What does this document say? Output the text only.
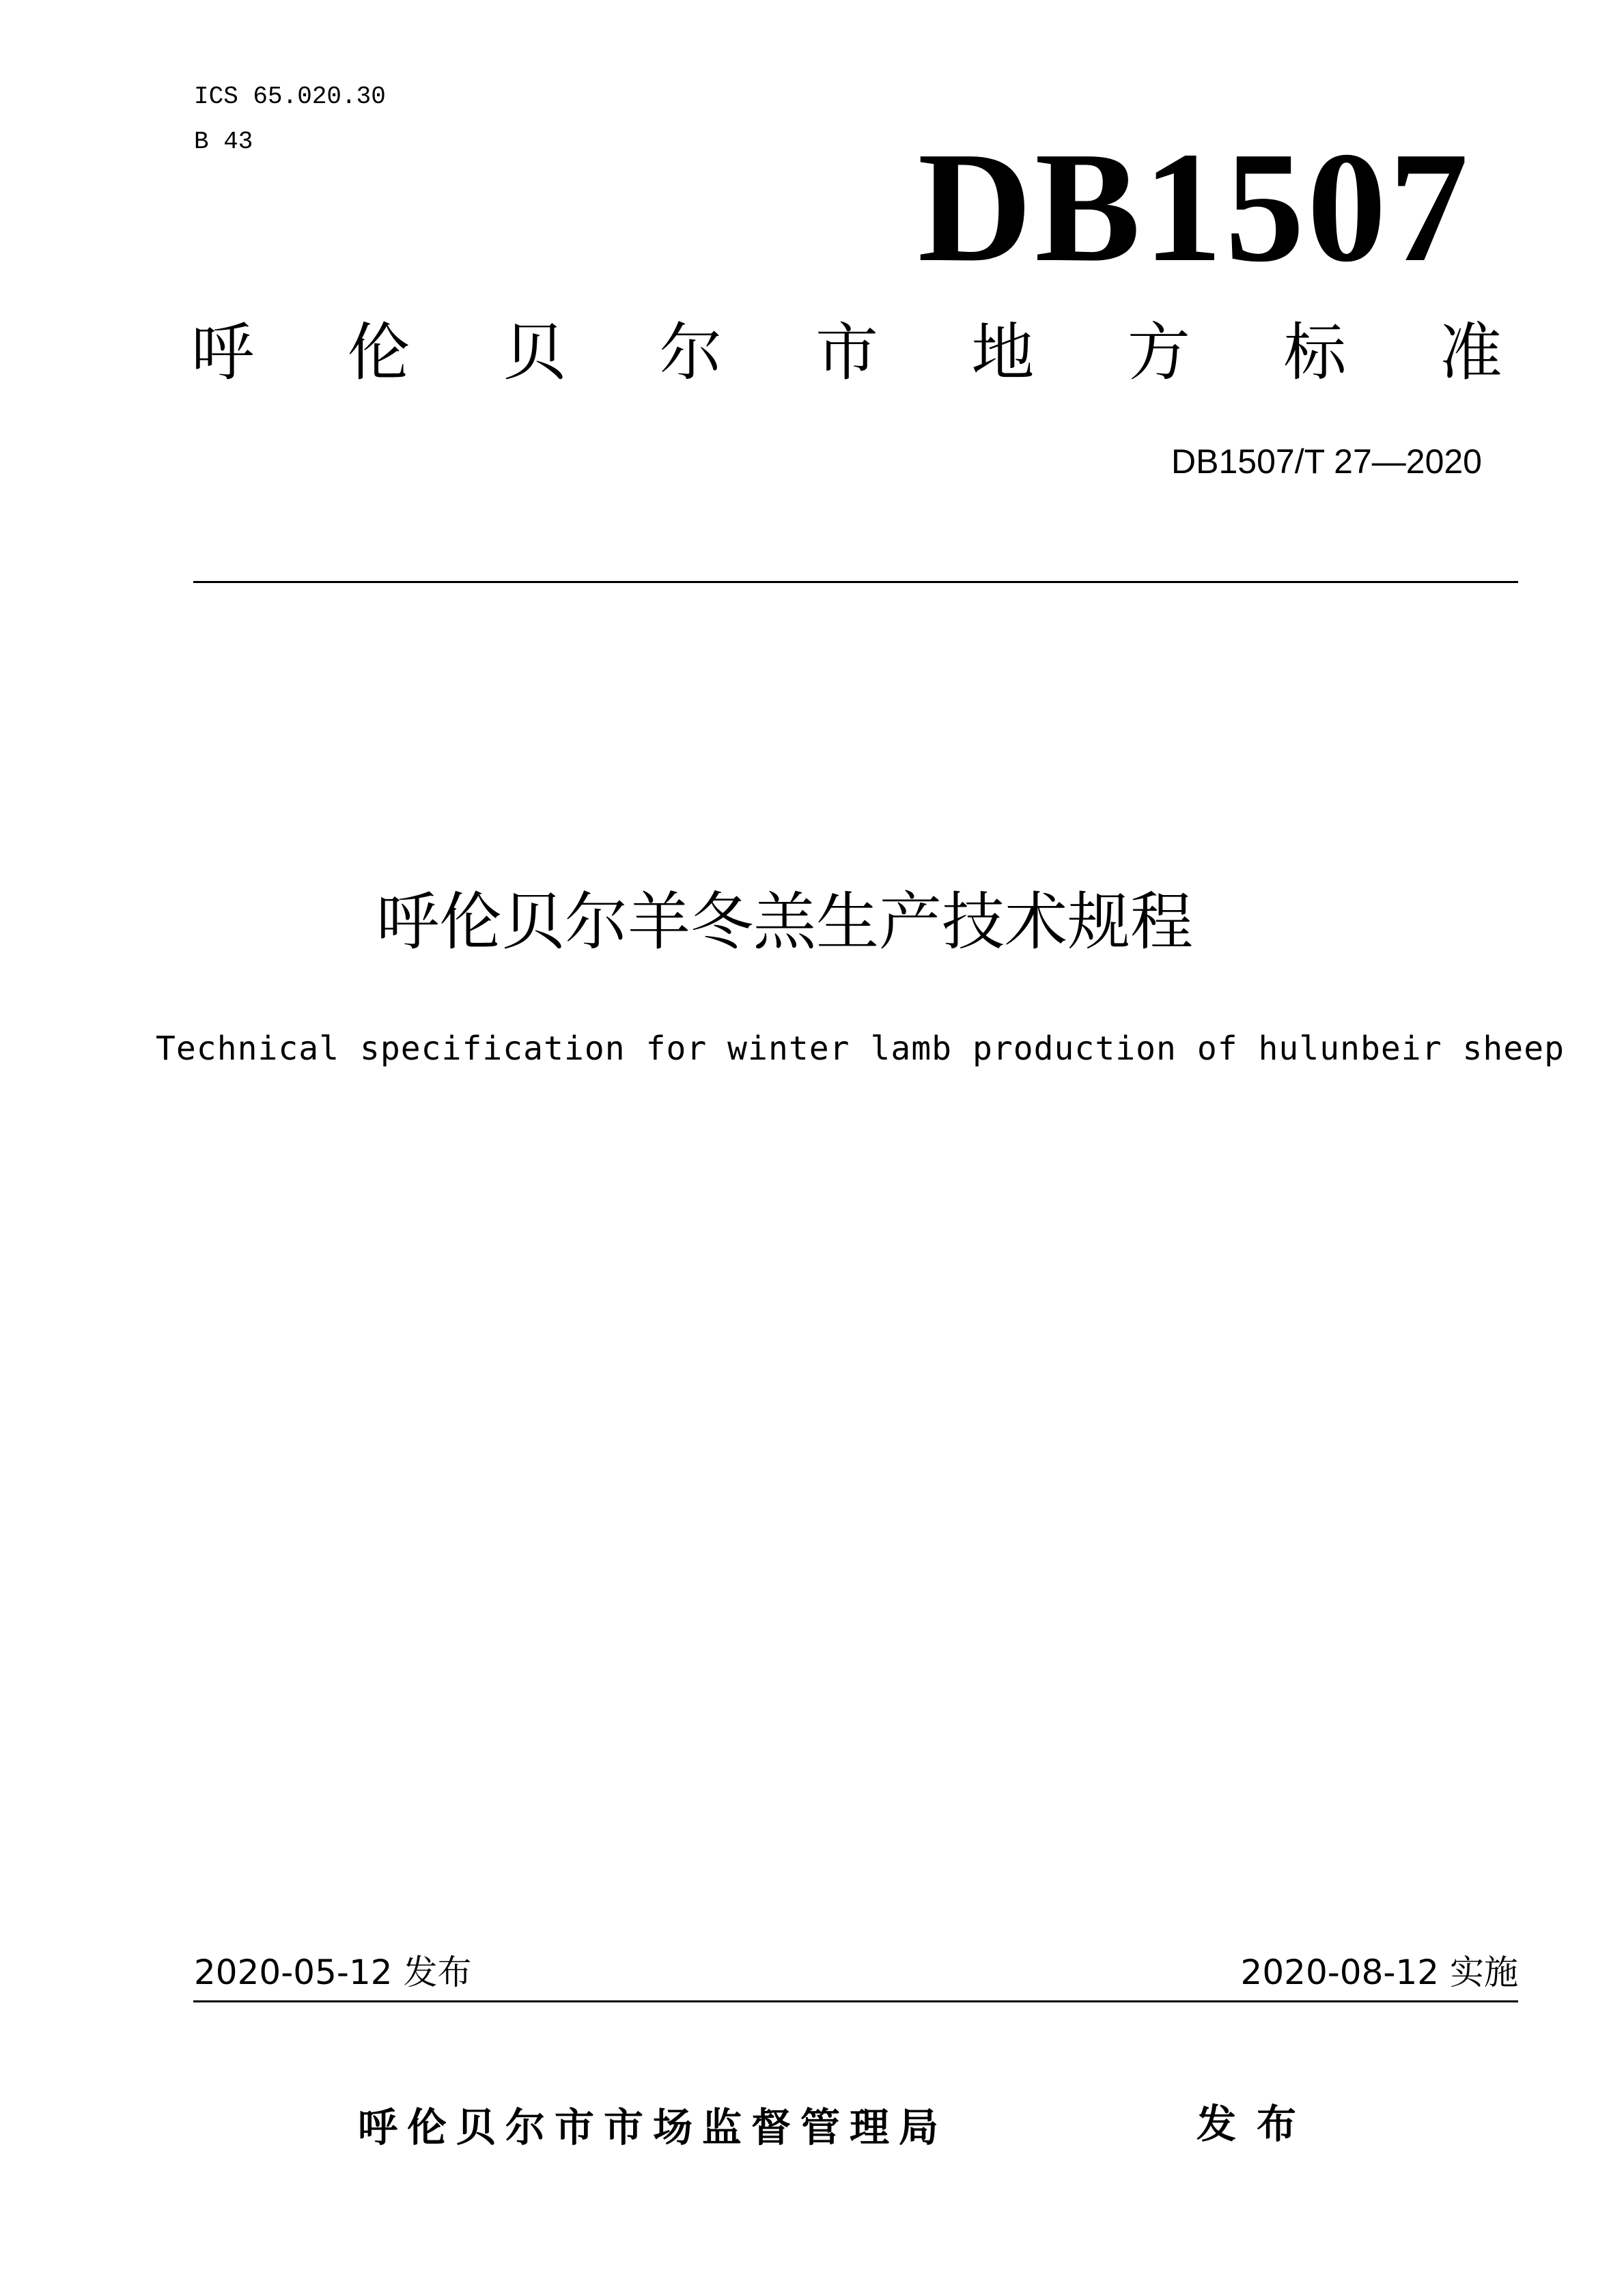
ICS 65.020.30
B 43	DB1507
呼 伦 贝 尔 市 地 方 标 准
DB1507/T 27—2020
呼伦贝尔羊冬羔生产技术规程
Technical specification for winter lamb production of hulunbeir sheep
2020-05-12 发布	2020-08-12 实施
呼伦贝尔市市场监督管理局	发布
